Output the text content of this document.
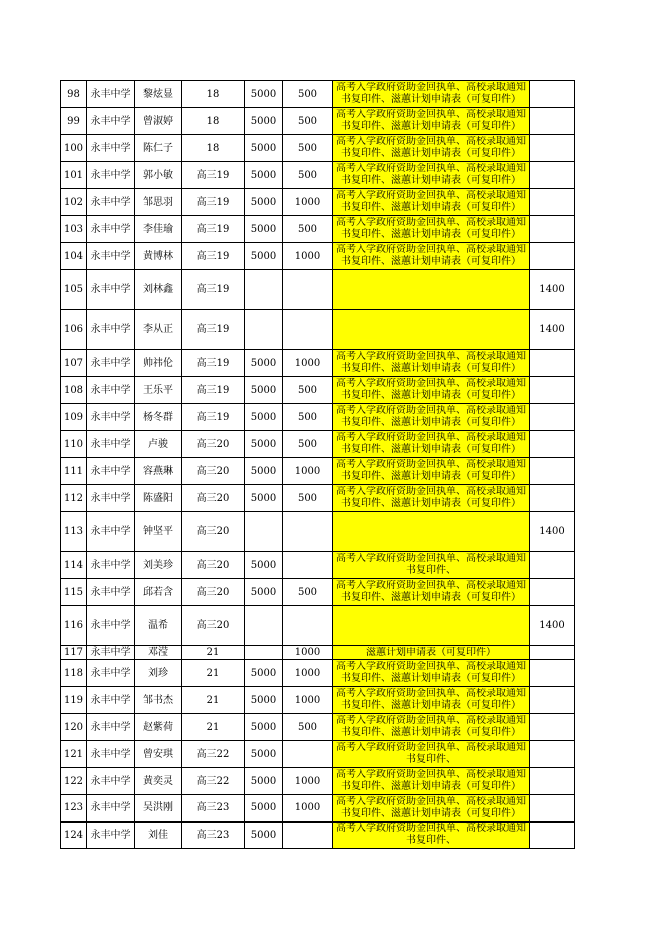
98	永丰中学	黎炫显	18	5000	500	高考入学政府资助金回执单、高校录取通知书复印件、滋蕙计划申请表（可复印件）	

99	永丰中学	曾淑婷	18	5000	500	高考入学政府资助金回执单、高校录取通知书复印件、滋蕙计划申请表（可复印件）	

100	永丰中学	陈仁子	18	5000	500	高考入学政府资助金回执单、高校录取通知书复印件、滋蕙计划申请表（可复印件）	

101	永丰中学	郭小敏	高三19	5000	500	高考入学政府资助金回执单、高校录取通知书复印件、滋蕙计划申请表（可复印件）	

102	永丰中学	邹思羽	高三19	5000	1000	高考入学政府资助金回执单、高校录取通知书复印件、滋蕙计划申请表（可复印件）	

103	永丰中学	李佳瑜	高三19	5000	500	高考入学政府资助金回执单、高校录取通知书复印件、滋蕙计划申请表（可复印件）	

104	永丰中学	黄博林	高三19	5000	1000	高考入学政府资助金回执单、高校录取通知书复印件、滋蕙计划申请表（可复印件）	

105	永丰中学	刘林鑫	高三19				1400
106	永丰中学	李从正	高三19				1400
107	永丰中学	帅祎伦	高三19	5000	1000	高考入学政府资助金回执单、高校录取通知书复印件、滋蕙计划申请表（可复印件）	

108	永丰中学	王乐平	高三19	5000	500	高考入学政府资助金回执单、高校录取通知书复印件、滋蕙计划申请表（可复印件）	

109	永丰中学	杨冬群	高三19	5000	500	高考入学政府资助金回执单、高校录取通知书复印件、滋蕙计划申请表（可复印件）	

110	永丰中学	卢骏	高三20	5000	500	高考入学政府资助金回执单、高校录取通知书复印件、滋蕙计划申请表（可复印件）	

111	永丰中学	容燕琳	高三20	5000	1000	高考入学政府资助金回执单、高校录取通知书复印件、滋蕙计划申请表（可复印件）	

112	永丰中学	陈盛阳	高三20	5000	500	高考入学政府资助金回执单、高校录取通知书复印件、滋蕙计划申请表（可复印件）	

113	永丰中学	钟坚平	高三20				1400
114	永丰中学	刘美珍	高三20	5000		高考入学政府资助金回执单、高校录取通知书复印件、	

115	永丰中学	邱若含	高三20	5000	500	高考入学政府资助金回执单、高校录取通知书复印件、滋蕙计划申请表（可复印件）	

116	永丰中学	温希	高三20				1400
117	永丰中学	邓滢	21		1000	滋蕙计划申请表（可复印件）	

118	永丰中学	刘珍	21	5000	1000	高考入学政府资助金回执单、高校录取通知书复印件、滋蕙计划申请表（可复印件）	

119	永丰中学	邹书杰	21	5000	1000	高考入学政府资助金回执单、高校录取通知书复印件、滋蕙计划申请表（可复印件）	

120	永丰中学	赵紫荷	21	5000	500	高考入学政府资助金回执单、高校录取通知书复印件、滋蕙计划申请表（可复印件）	

121	永丰中学	曾安琪	高三22	5000		高考入学政府资助金回执单、高校录取通知书复印件、	

122	永丰中学	黄奕灵	高三22	5000	1000	高考入学政府资助金回执单、高校录取通知书复印件、滋蕙计划申请表（可复印件）	

123	永丰中学	吴洪刚	高三23	5000	1000	高考入学政府资助金回执单、高校录取通知书复印件、滋蕙计划申请表（可复印件）	

124	永丰中学	刘佳	高三23	5000		高考入学政府资助金回执单、高校录取通知书复印件、	
